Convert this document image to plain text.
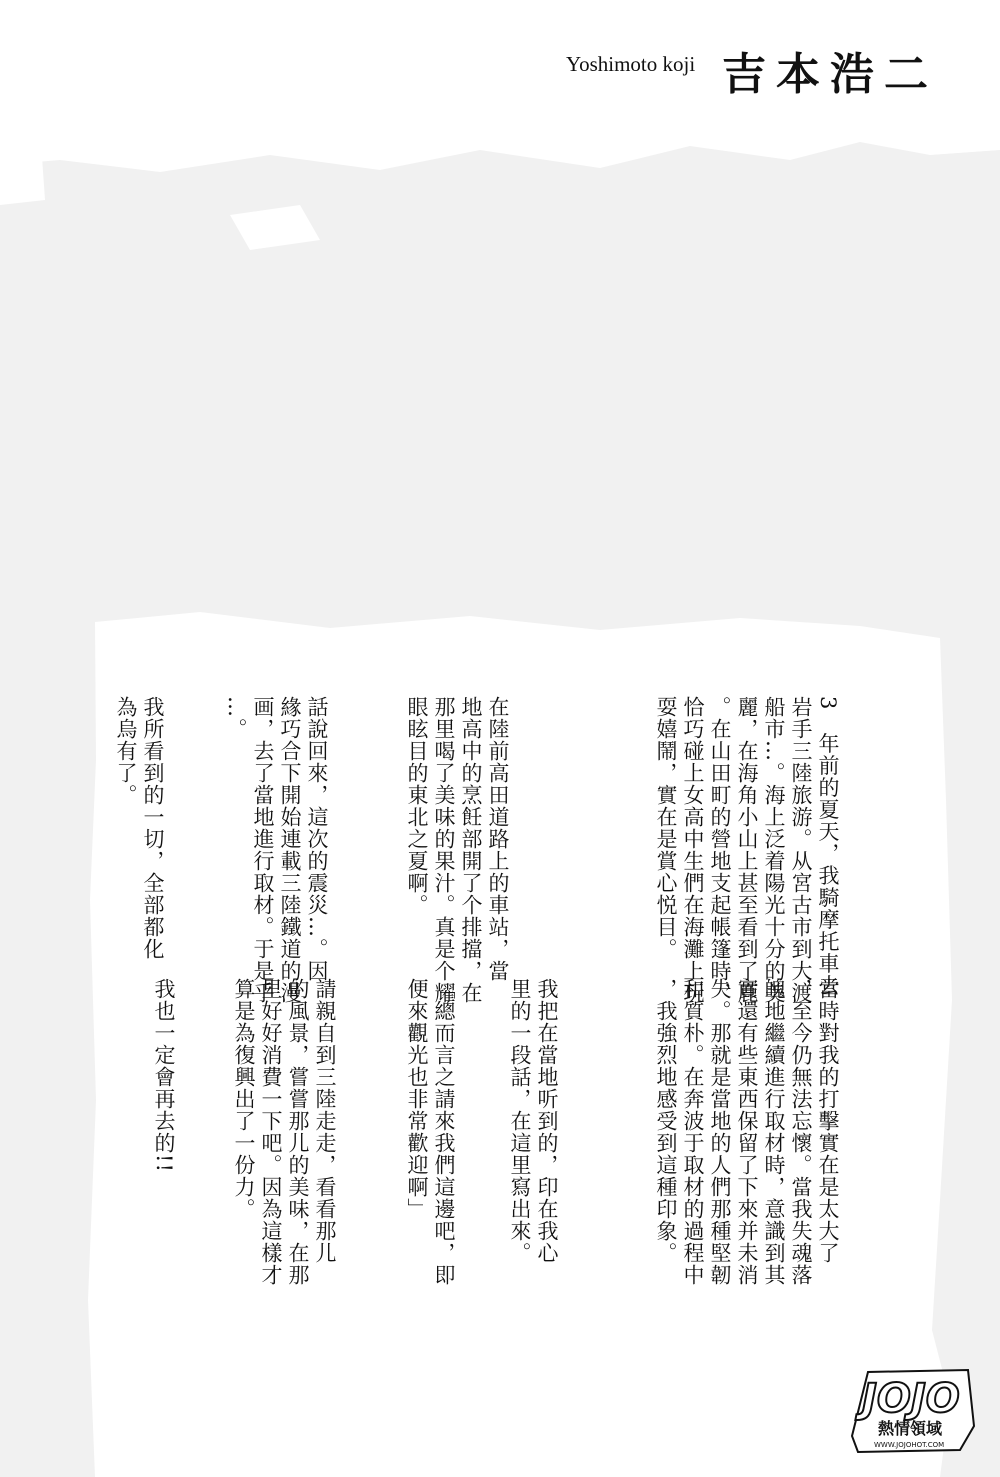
Yoshimoto koji 吉本浩二
3　年前的夏天，我騎摩托車去
岩手三陸旅游。从宮古市到大渡
船市…。海上泛着陽光十分的美
麗，在海角小山上甚至看到了鹿
。在山田町的營地支起帳篷時，
恰巧碰上女高中生們在海灘上玩
耍嬉鬧，實在是賞心悦目。
在陸前高田道路上的車站，當
地高中的烹飪部開了个排擋，在
那里喝了美味的果汁。真是个耀
眼眩目的東北之夏啊。
話說回來，這次的震災…。因
緣巧合下開始連載三陸鐵道的漫
画，去了當地進行取材。于是乎
…。
我所看到的一切，全部都化
為烏有了。
當時對我的打擊實在是太大了
，至今仍無法忘懷。當我失魂落
魄地繼續進行取材時，意識到其
實還有些東西保留了下來并未消
失。那就是當地的人們那種堅韌
和質朴。在奔波于取材的過程中
，我強烈地感受到這種印象。
我把在當地听到的，印在我心
里的一段話，在這里寫出來。
「總而言之請來我們這邊吧，即
便來觀光也非常歡迎啊」
請親自到三陸走走，看看那儿
的風景，嘗嘗那儿的美味，在那
里好好消費一下吧。因為這樣才
算是為復興出了一份力。
我也一定會再去的!!
JOJO
熱情領域
WWW.JOJOHOT.COM
